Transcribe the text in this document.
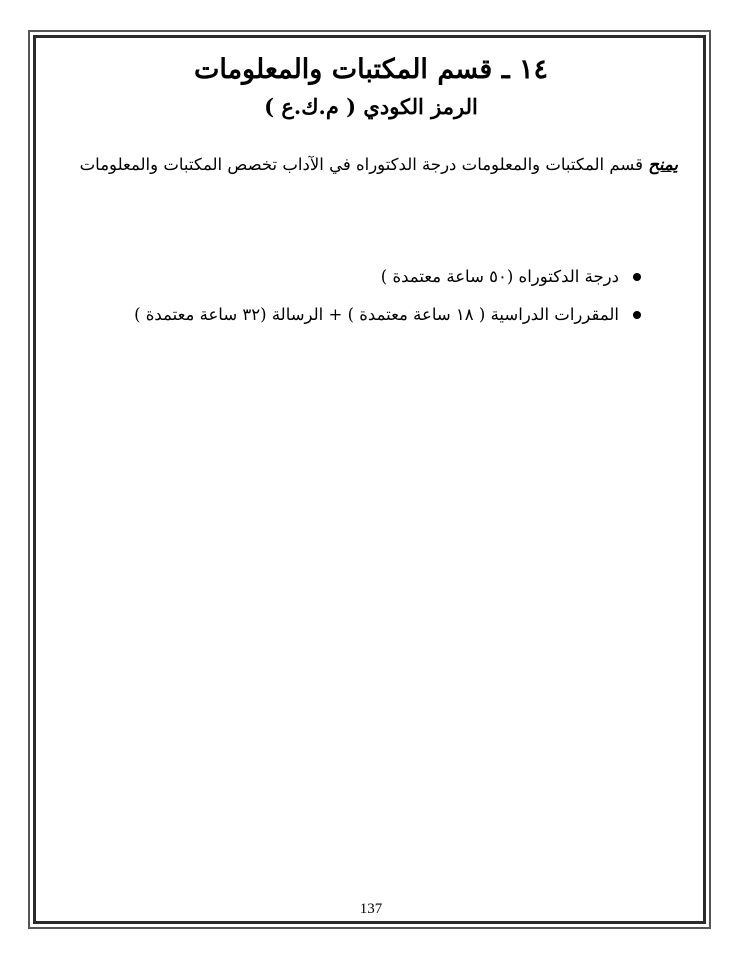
١٤ ـ قسم المكتبات والمعلومات
الرمز الكودي ( م.ك.ع )

يمنح قسم المكتبات والمعلومات درجة الدكتوراه في الآداب تخصص المكتبات والمعلومات

درجة الدكتوراه (٥٠ ساعة معتمدة )
المقررات الدراسية ( ١٨ ساعة معتمدة ) + الرسالة (٣٢ ساعة معتمدة )
137
